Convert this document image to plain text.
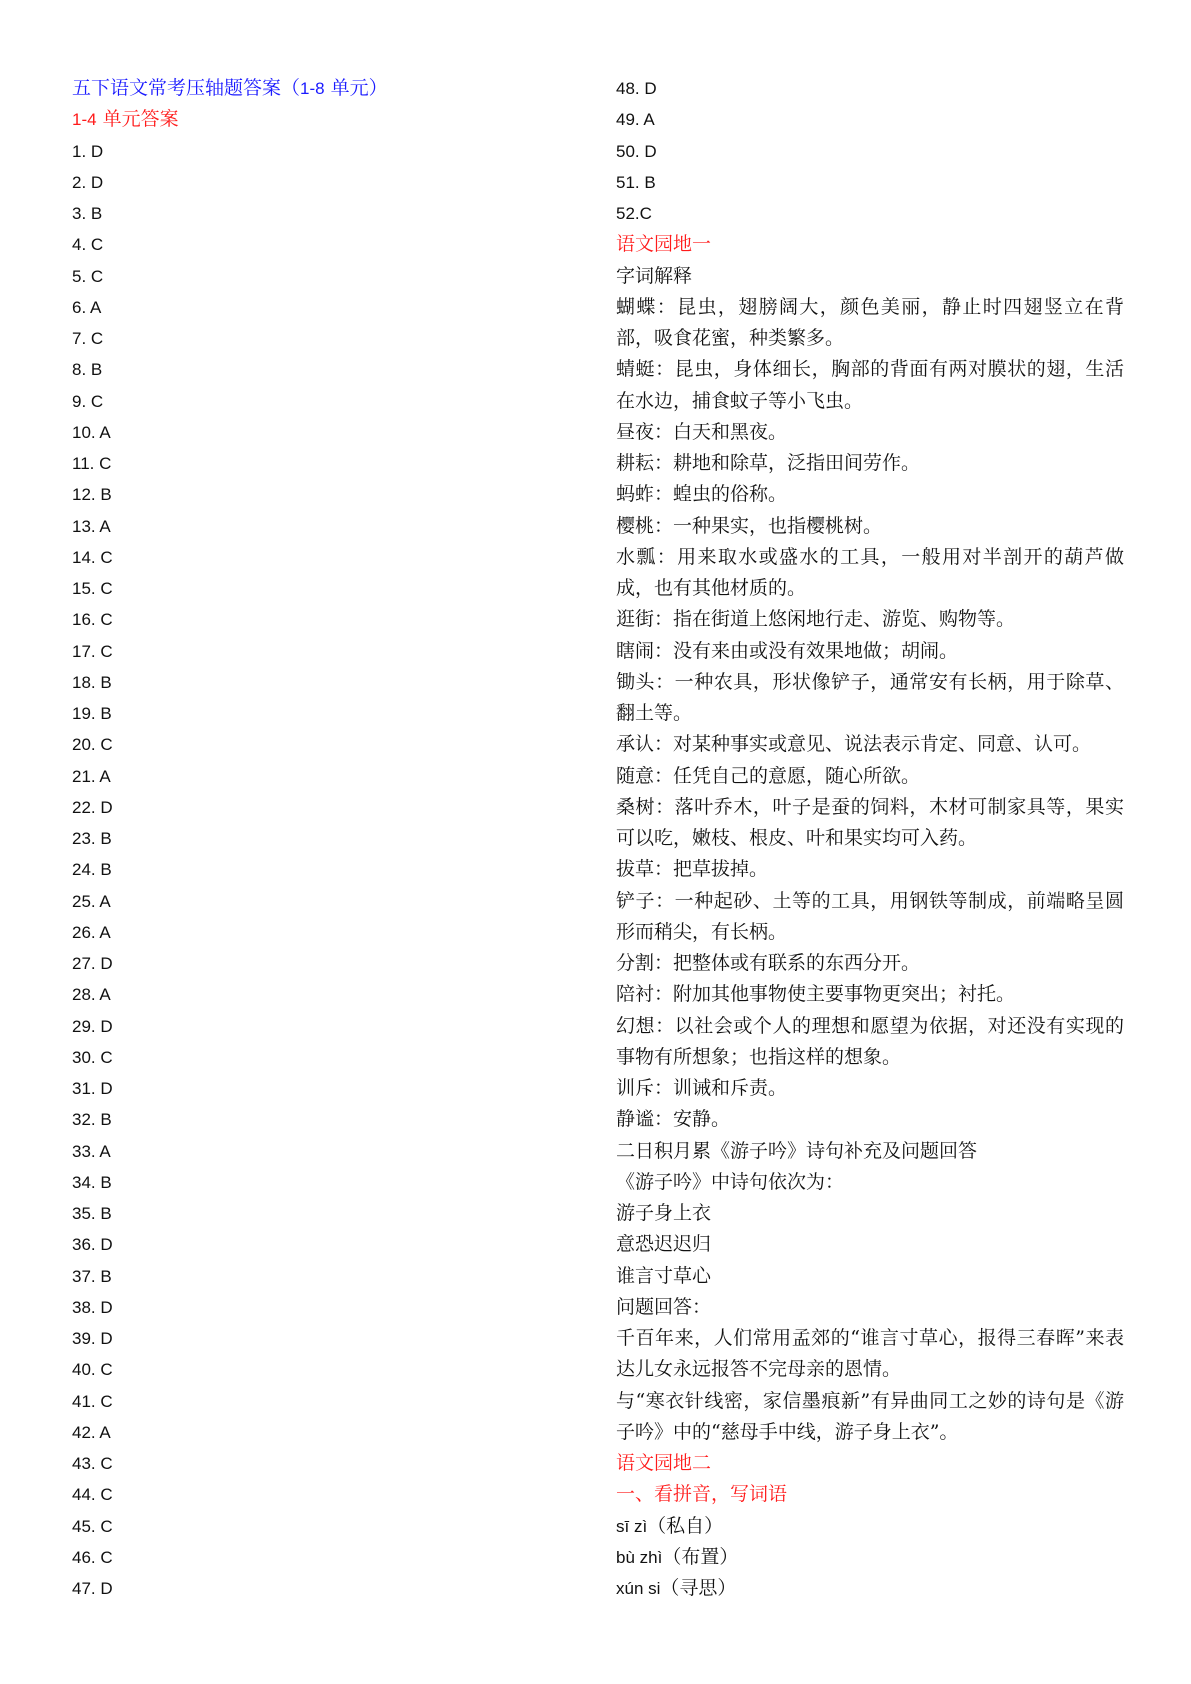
五下语文常考压轴题答案（1-8 单元）
1-4 单元答案
1. D
2. D
3. B
4. C
5. C
6. A
7. C
8. B
9. C
10. A
11. C
12. B
13. A
14. C
15. C
16. C
17. C
18. B
19. B
20. C
21. A
22. D
23. B
24. B
25. A
26. A
27. D
28. A
29. D
30. C
31. D
32. B
33. A
34. B
35. B
36. D
37. B
38. D
39. D
40. C
41. C
42. A
43. C
44. C
45. C
46. C
47. D
48. D
49. A
50. D
51. B
52.C
语文园地一
字词解释
蝴蝶：昆虫，翅膀阔大，颜色美丽，静止时四翅竖立在背部，吸食花蜜，种类繁多。
蜻蜓：昆虫，身体细长，胸部的背面有两对膜状的翅，生活在水边，捕食蚊子等小飞虫。
昼夜：白天和黑夜。
耕耘：耕地和除草，泛指田间劳作。
蚂蚱：蝗虫的俗称。
樱桃：一种果实，也指樱桃树。
水瓢：用来取水或盛水的工具，一般用对半剖开的葫芦做成，也有其他材质的。
逛街：指在街道上悠闲地行走、游览、购物等。
瞎闹：没有来由或没有效果地做；胡闹。
锄头：一种农具，形状像铲子，通常安有长柄，用于除草、翻土等。
承认：对某种事实或意见、说法表示肯定、同意、认可。
随意：任凭自己的意愿，随心所欲。
桑树：落叶乔木，叶子是蚕的饲料，木材可制家具等，果实可以吃，嫩枝、根皮、叶和果实均可入药。
拔草：把草拔掉。
铲子：一种起砂、土等的工具，用钢铁等制成，前端略呈圆形而稍尖，有长柄。
分割：把整体或有联系的东西分开。
陪衬：附加其他事物使主要事物更突出；衬托。
幻想：以社会或个人的理想和愿望为依据，对还没有实现的事物有所想象；也指这样的想象。
训斥：训诫和斥责。
静谧：安静。
二日积月累《游子吟》诗句补充及问题回答
《游子吟》中诗句依次为：
游子身上衣
意恐迟迟归
谁言寸草心
问题回答：
千百年来，人们常用孟郊的“谁言寸草心，报得三春晖”来表达儿女永远报答不完母亲的恩情。
与“寒衣针线密，家信墨痕新”有异曲同工之妙的诗句是《游子吟》中的“慈母手中线，游子身上衣”。
语文园地二
一、看拼音，写词语
sī zì（私自）
bù zhì（布置）
xún si（寻思）
